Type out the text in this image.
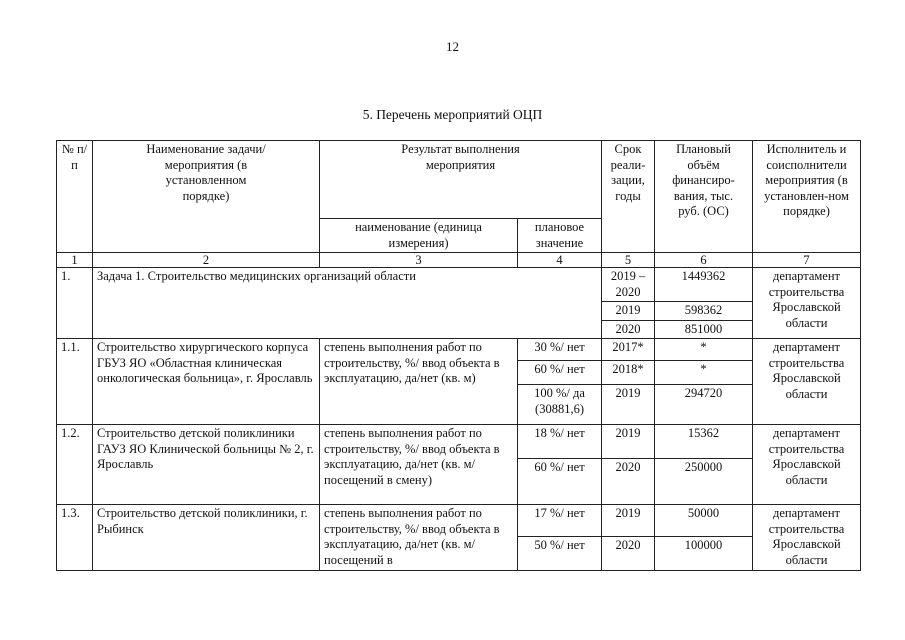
12
5. Перечень мероприятий ОЦП
№ п/п	Наименование задачи/мероприятия (в установленном порядке)	Результат выполнения мероприятия		Срок реали-зации, годы	Плановый объём финансиро-вания, тыс. руб. (ОС)	Исполнитель и соисполнители мероприятия (в установлен-ном порядке)
		наименование (единица измерения)	плановое значение			
1	2	3	4	5	6	7
1.	Задача 1. Строительство медицинских организаций области			2019 – 2020	1449362	департамент строительства Ярославской области
				2019	598362	
				2020	851000	
1.1.	Строительство хирургического корпуса ГБУЗ ЯО «Областная клиническая онкологическая больница», г. Ярославль	степень выполнения работ по строительству, %/ ввод объекта в эксплуатацию, да/нет (кв. м)	30 %/ нет	2017*	*	департамент строительства Ярославской области
			60 %/ нет	2018*	*	
			100 %/ да (30881,6)	2019	294720	
1.2.	Строительство детской поликлиники ГАУЗ ЯО Клинической больницы № 2, г. Ярославль	степень выполнения работ по строительству, %/ ввод объекта в эксплуатацию, да/нет (кв. м/ посещений в смену)	18 %/ нет	2019	15362	департамент строительства Ярославской области
			60 %/ нет	2020	250000	
1.3.	Строительство детской поликлиники, г. Рыбинск	степень выполнения работ по строительству, %/ ввод объекта в эксплуатацию, да/нет (кв. м/ посещений в	17 %/ нет	2019	50000	департамент строительства Ярославской области
			50 %/ нет	2020	100000	
